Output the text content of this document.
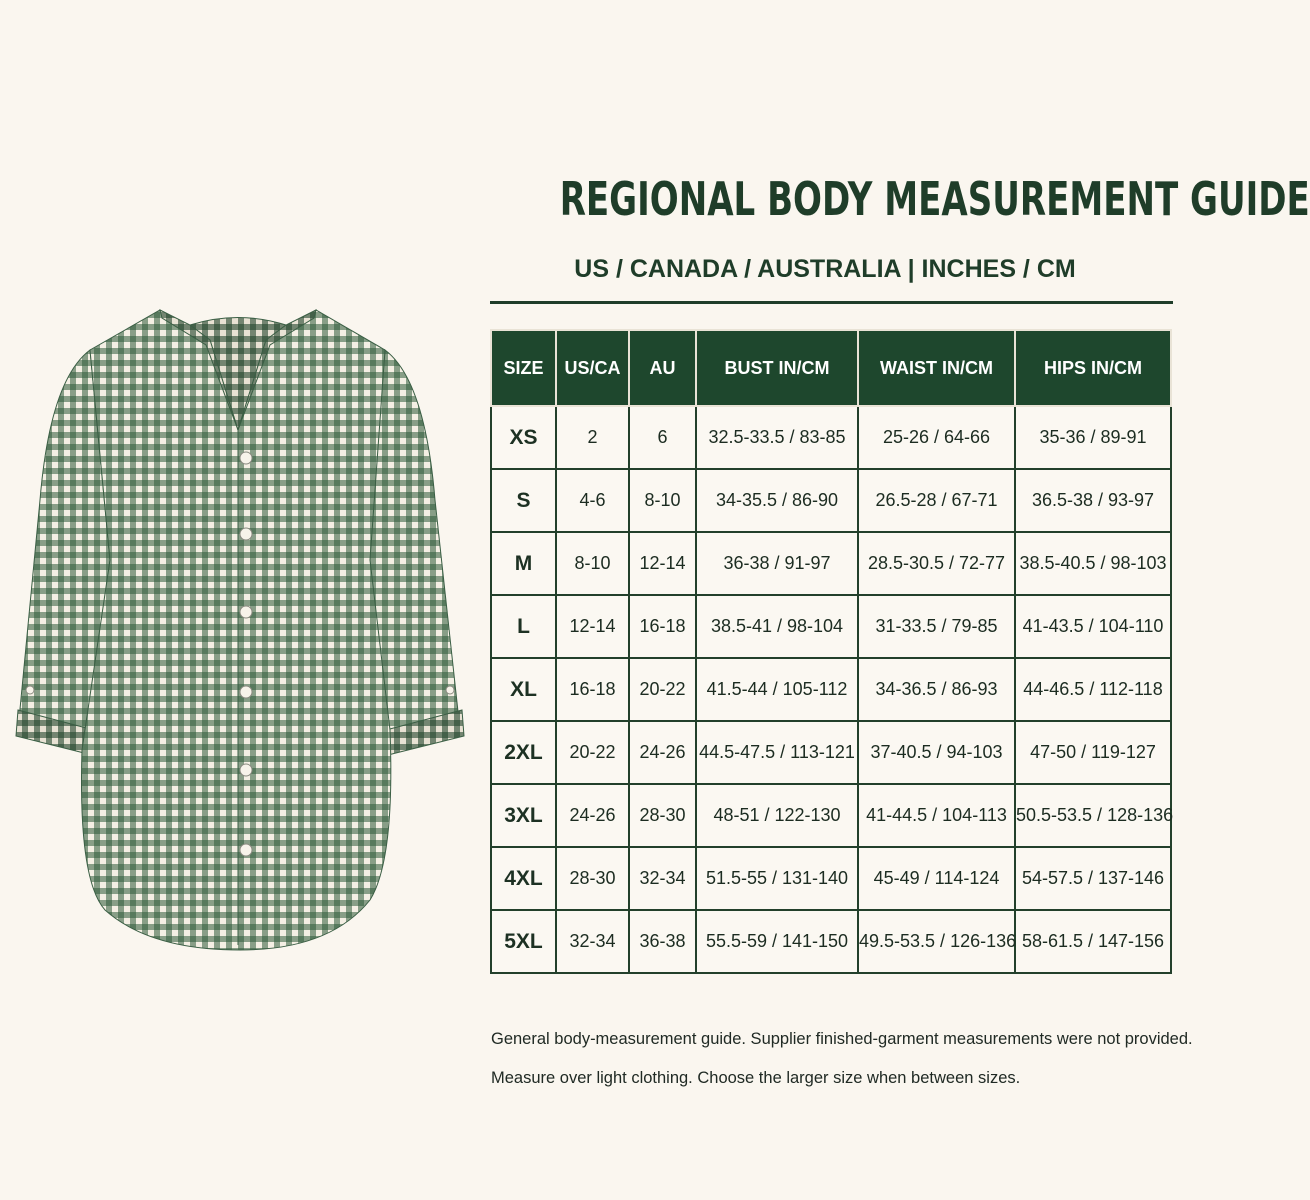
REGIONAL BODY MEASUREMENT GUIDE
US / CANADA / AUSTRALIA | INCHES / CM
SIZE	US/CA	AU	BUST IN/CM	WAIST IN/CM	HIPS IN/CM
XS	2	6	32.5-33.5 / 83-85	25-26 / 64-66	35-36 / 89-91
S	4-6	8-10	34-35.5 / 86-90	26.5-28 / 67-71	36.5-38 / 93-97
M	8-10	12-14	36-38 / 91-97	28.5-30.5 / 72-77	38.5-40.5 / 98-103
L	12-14	16-18	38.5-41 / 98-104	31-33.5 / 79-85	41-43.5 / 104-110
XL	16-18	20-22	41.5-44 / 105-112	34-36.5 / 86-93	44-46.5 / 112-118
2XL	20-22	24-26	44.5-47.5 / 113-121	37-40.5 / 94-103	47-50 / 119-127
3XL	24-26	28-30	48-51 / 122-130	41-44.5 / 104-113	50.5-53.5 / 128-136
4XL	28-30	32-34	51.5-55 / 131-140	45-49 / 114-124	54-57.5 / 137-146
5XL	32-34	36-38	55.5-59 / 141-150	49.5-53.5 / 126-136	58-61.5 / 147-156

General body-measurement guide. Supplier finished-garment measurements were not provided.

Measure over light clothing. Choose the larger size when between sizes.
